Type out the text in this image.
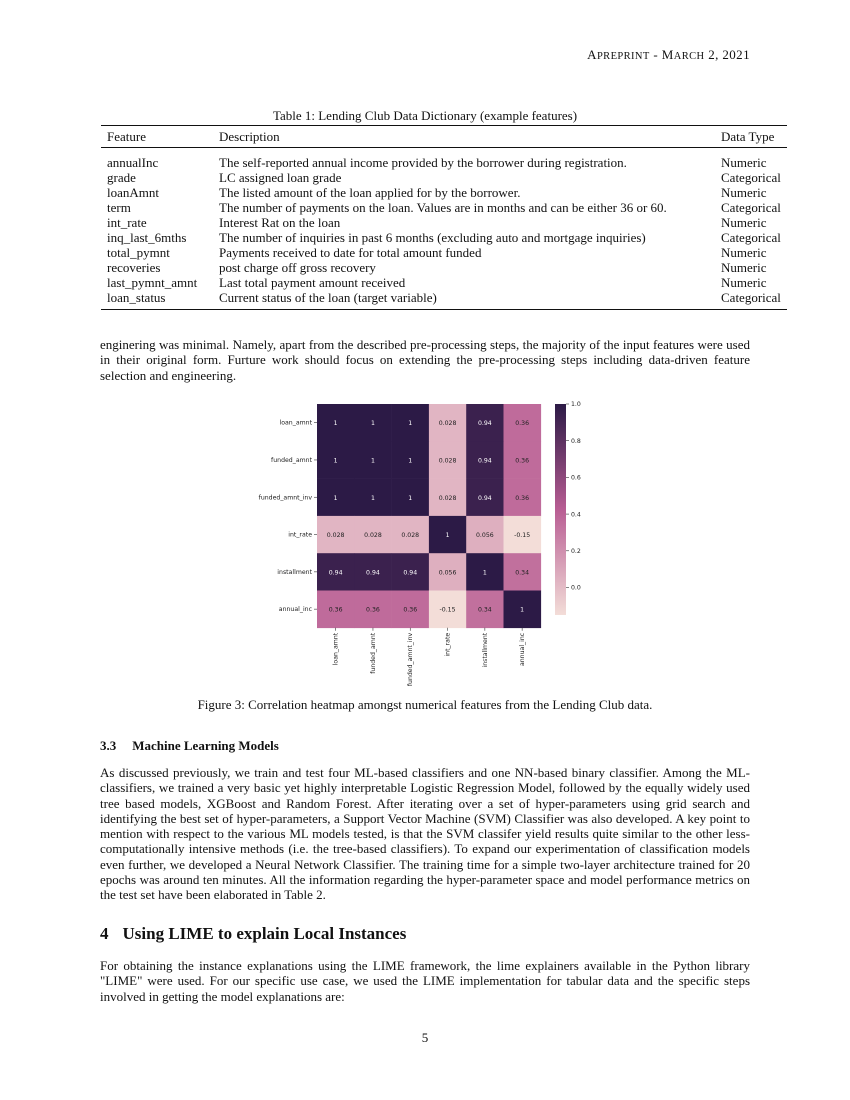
APREPRINT - MARCH 2, 2021
Table 1: Lending Club Data Dictionary (example features)
Feature	Description	Data Type
annualInc	The self-reported annual income provided by the borrower during registration.	Numeric
grade	LC assigned loan grade	Categorical
loanAmnt	The listed amount of the loan applied for by the borrower.	Numeric
term	The number of payments on the loan. Values are in months and can be either 36 or 60.	Categorical
int_rate	Interest Rat on the loan	Numeric
inq_last_6mths	The number of inquiries in past 6 months (excluding auto and mortgage inquiries)	Categorical
total_pymnt	Payments received to date for total amount funded	Numeric
recoveries	post charge off gross recovery	Numeric
last_pymnt_amnt	Last total payment amount received	Numeric
loan_status	Current status of the loan (target variable)	Categorical
enginering was minimal. Namely, apart from the described pre-processing steps, the majority of the input features were used in their original form. Furture work should focus on extending the pre-processing steps including data-driven feature selection and engineering.
1	1	1	0.028	0.94	0.36
1	1	1	0.028	0.94	0.36
1	1	1	0.028	0.94	0.36
0.028	0.028	0.028	1	0.056	-0.15
0.94	0.94	0.94	0.056	1	0.34
0.36	0.36	0.36	-0.15	0.34	1
loan_amnt
funded_amnt
funded_amnt_inv
int_rate
installment
annual_inc
loan_amnt	funded_amnt	funded_amnt_inv	int_rate	installment	annual_inc
1.0
0.8
0.6
0.4
0.2
0.0
Figure 3: Correlation heatmap amongst numerical features from the Lending Club data.
3.3 Machine Learning Models
As discussed previously, we train and test four ML-based classifiers and one NN-based binary classifier. Among the ML-classifiers, we trained a very basic yet highly interpretable Logistic Regression Model, followed by the equally widely used tree based models, XGBoost and Random Forest. After iterating over a set of hyper-parameters using grid search and identifying the best set of hyper-parameters, a Support Vector Machine (SVM) Classifier was also developed. A key point to mention with respect to the various ML models tested, is that the SVM classifer yield results quite similar to the other less-computationally intensive methods (i.e. the tree-based classifiers). To expand our experimentation of classification models even further, we developed a Neural Network Classifier. The training time for a simple two-layer architecture trained for 20 epochs was around ten minutes. All the information regarding the hyper-parameter space and model performance metrics on the test set have been elaborated in Table 2.
4 Using LIME to explain Local Instances
For obtaining the instance explanations using the LIME framework, the lime explainers available in the Python library "LIME" were used. For our specific use case, we used the LIME implementation for tabular data and the specific steps involved in getting the model explanations are:
5
